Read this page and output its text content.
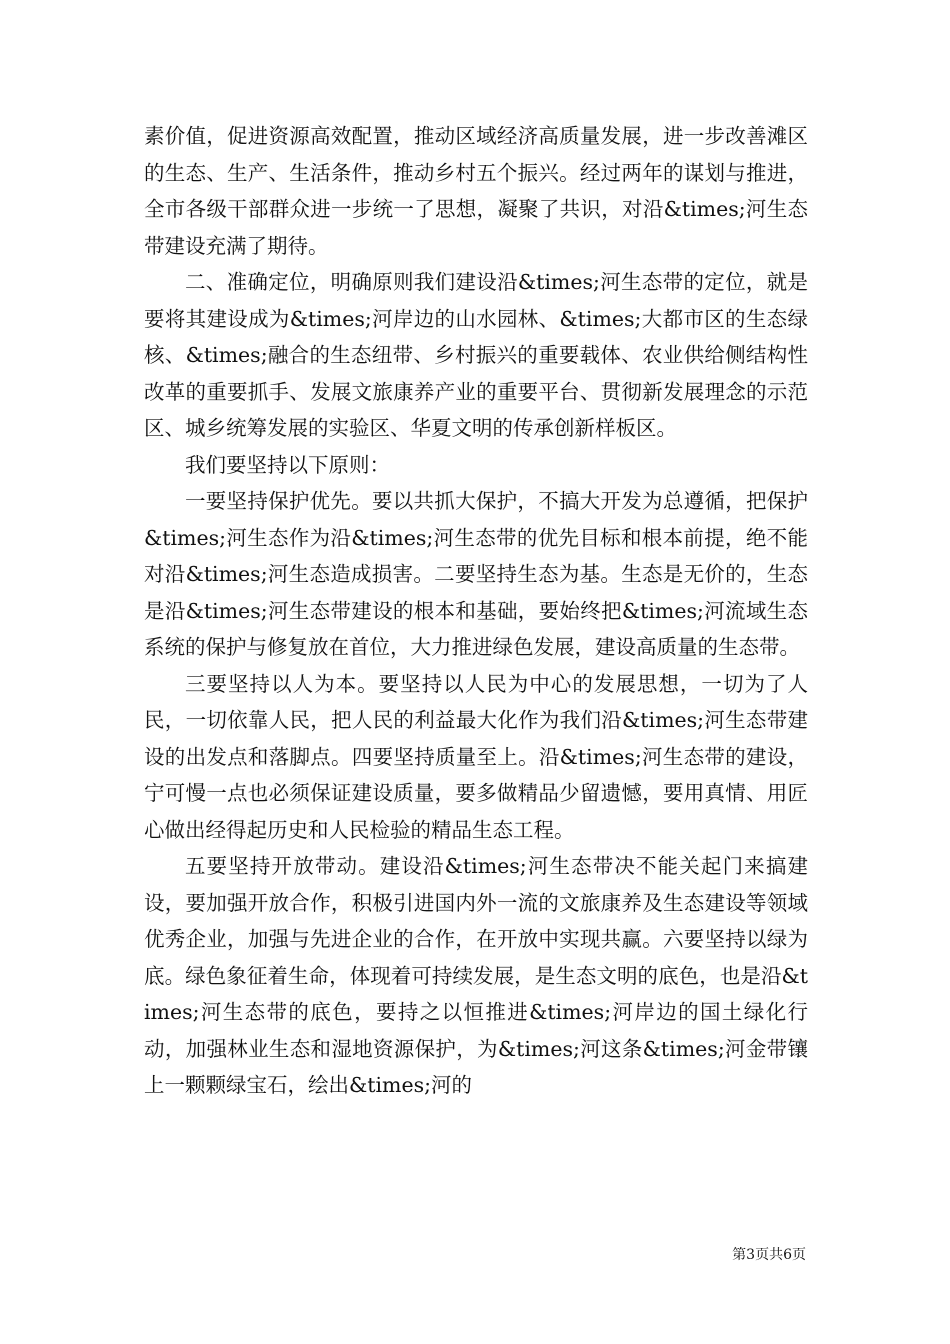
素价值，促进资源高效配置，推动区域经济高质量发展，进一步改善滩区的生态、生产、生活条件，推动乡村五个振兴。经过两年的谋划与推进，全市各级干部群众进一步统一了思想，凝聚了共识，对沿&times;河生态带建设充满了期待。

二、准确定位，明确原则我们建设沿&times;河生态带的定位，就是要将其建设成为&times;河岸边的山水园林、&times;大都市区的生态绿核、&times;融合的生态纽带、乡村振兴的重要载体、农业供给侧结构性改革的重要抓手、发展文旅康养产业的重要平台、贯彻新发展理念的示范区、城乡统筹发展的实验区、华夏文明的传承创新样板区。

我们要坚持以下原则：

一要坚持保护优先。要以共抓大保护，不搞大开发为总遵循，把保护&times;河生态作为沿&times;河生态带的优先目标和根本前提，绝不能对沿&times;河生态造成损害。二要坚持生态为基。生态是无价的，生态是沿&times;河生态带建设的根本和基础，要始终把&times;河流域生态系统的保护与修复放在首位，大力推进绿色发展，建设高质量的生态带。

三要坚持以人为本。要坚持以人民为中心的发展思想，一切为了人民，一切依靠人民，把人民的利益最大化作为我们沿&times;河生态带建设的出发点和落脚点。四要坚持质量至上。沿&times;河生态带的建设，宁可慢一点也必须保证建设质量，要多做精品少留遗憾，要用真情、用匠心做出经得起历史和人民检验的精品生态工程。

五要坚持开放带动。建设沿&times;河生态带决不能关起门来搞建设，要加强开放合作，积极引进国内外一流的文旅康养及生态建设等领域优秀企业，加强与先进企业的合作，在开放中实现共赢。六要坚持以绿为底。绿色象征着生命，体现着可持续发展，是生态文明的底色，也是沿&times;河生态带的底色，要持之以恒推进&times;河岸边的国土绿化行动，加强林业生态和湿地资源保护，为&times;河这条&times;河金带镶上一颗颗绿宝石，绘出&times;河的

第3页共6页
